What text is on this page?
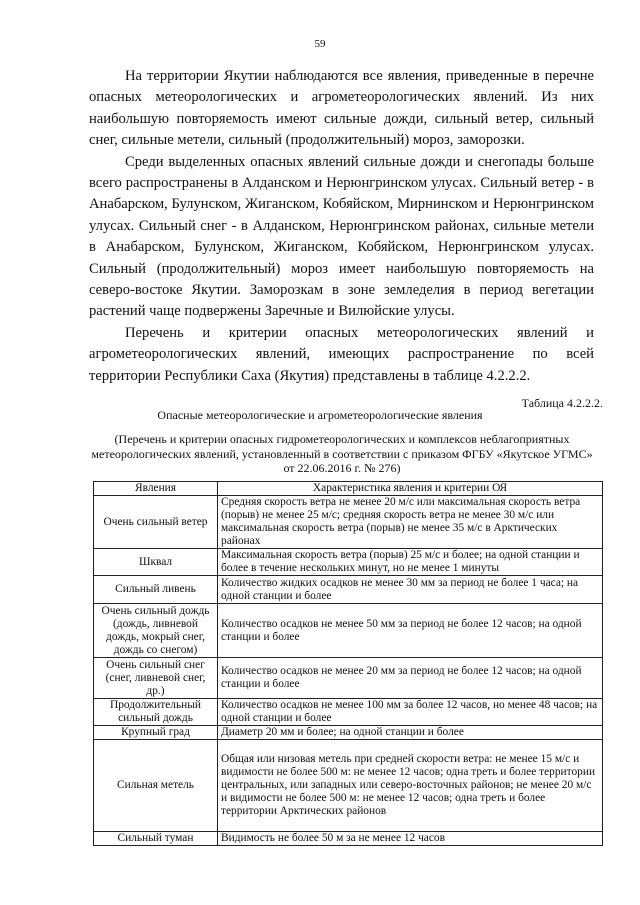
59

На территории Якутии наблюдаются все явления, приведенные в перечне опасных метеорологических и агрометеорологических явлений. Из них наибольшую повторяемость имеют сильные дожди, сильный ветер, сильный снег, сильные метели, сильный (продолжительный) мороз, заморозки.

Среди выделенных опасных явлений сильные дожди и снегопады больше всего распространены в Алданском и Нерюнгринском улусах. Сильный ветер - в Анабарском, Булунском, Жиганском, Кобяйском, Мирнинском и Нерюнгринском улусах. Сильный снег - в Алданском, Нерюнгринском районах, сильные метели в Анабарском, Булунском, Жиганском, Кобяйском, Нерюнгринском улусах. Сильный (продолжительный) мороз имеет наибольшую повторяемость на северо-востоке Якутии. Заморозкам в зоне земледелия в период вегетации растений чаще подвержены Заречные и Вилюйские улусы.

Перечень и критерии опасных метеорологических явлений и агрометеорологических явлений, имеющих распространение по всей территории Республики Саха (Якутия) представлены в таблице 4.2.2.2.

Таблица 4.2.2.2.
Опасные метеорологические и агрометеорологические явления
(Перечень и критерии опасных гидрометеорологических и комплексов неблагоприятных метеорологических явлений, установленный в соответствии с приказом ФГБУ «Якутское УГМС» от 22.06.2016 г. № 276)
Явления	Характеристика явления и критерии ОЯ
Очень сильный ветер	Средняя скорость ветра не менее 20 м/с или максимальная скорость ветра (порыв) не менее 25 м/с; средняя скорость ветра не менее 30 м/с или максимальная скорость ветра (порыв) не менее 35 м/с в Арктических районах
Шквал	Максимальная скорость ветра (порыв) 25 м/с и более; на одной станции и более в течение нескольких минут, но не менее 1 минуты
Сильный ливень	Количество жидких осадков не менее 30 мм за период не более 1 часа; на одной станции и более
Очень сильный дождь (дождь, ливневой дождь, мокрый снег, дождь со снегом)	Количество осадков не менее 50 мм за период не более 12 часов; на одной станции и более
Очень сильный снег (снег, ливневой снег, др.)	Количество осадков не менее 20 мм за период не более 12 часов; на одной станции и более
Продолжительный сильный дождь	Количество осадков не менее 100 мм за более 12 часов, но менее 48 часов; на одной станции и более
Крупный град	Диаметр 20 мм и более; на одной станции и более
Сильная метель	Общая или низовая метель при средней скорости ветра: не менее 15 м/с и видимости не более 500 м: не менее 12 часов; одна треть и более территории центральных, или западных или северо-восточных районов; не менее 20 м/с и видимости не более 500 м: не менее 12 часов; одна треть и более территории Арктических районов
Сильный туман	Видимость не более 50 м за не менее 12 часов
